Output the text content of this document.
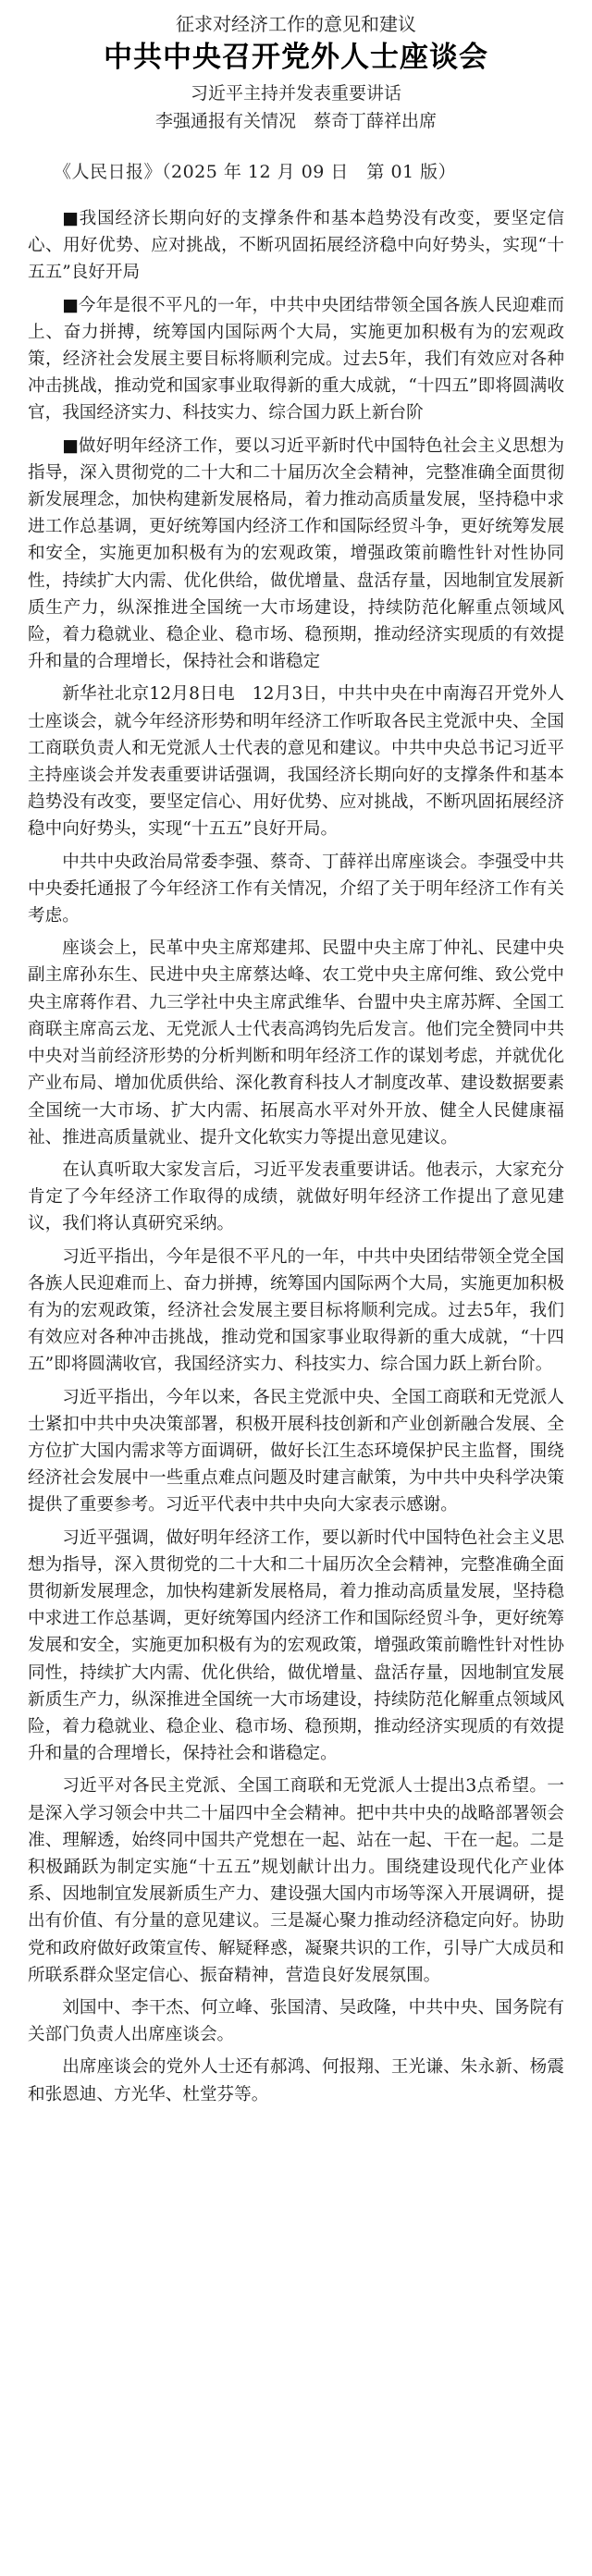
征求对经济工作的意见和建议

中共中央召开党外人士座谈会

习近平主持并发表重要讲话

李强通报有关情况　蔡奇丁薛祥出席

《人民日报》（2025 年 12 月 09 日　第 01 版）

■我国经济长期向好的支撑条件和基本趋势没有改变，要坚定信心、用好优势、应对挑战，不断巩固拓展经济稳中向好势头，实现“十五五”良好开局

■今年是很不平凡的一年，中共中央团结带领全国各族人民迎难而上、奋力拼搏，统筹国内国际两个大局，实施更加积极有为的宏观政策，经济社会发展主要目标将顺利完成。过去5年，我们有效应对各种冲击挑战，推动党和国家事业取得新的重大成就，“十四五”即将圆满收官，我国经济实力、科技实力、综合国力跃上新台阶

■做好明年经济工作，要以习近平新时代中国特色社会主义思想为指导，深入贯彻党的二十大和二十届历次全会精神，完整准确全面贯彻新发展理念，加快构建新发展格局，着力推动高质量发展，坚持稳中求进工作总基调，更好统筹国内经济工作和国际经贸斗争，更好统筹发展和安全，实施更加积极有为的宏观政策，增强政策前瞻性针对性协同性，持续扩大内需、优化供给，做优增量、盘活存量，因地制宜发展新质生产力，纵深推进全国统一大市场建设，持续防范化解重点领域风险，着力稳就业、稳企业、稳市场、稳预期，推动经济实现质的有效提升和量的合理增长，保持社会和谐稳定

新华社北京12月8日电　12月3日，中共中央在中南海召开党外人士座谈会，就今年经济形势和明年经济工作听取各民主党派中央、全国工商联负责人和无党派人士代表的意见和建议。中共中央总书记习近平主持座谈会并发表重要讲话强调，我国经济长期向好的支撑条件和基本趋势没有改变，要坚定信心、用好优势、应对挑战，不断巩固拓展经济稳中向好势头，实现“十五五”良好开局。

中共中央政治局常委李强、蔡奇、丁薛祥出席座谈会。李强受中共中央委托通报了今年经济工作有关情况，介绍了关于明年经济工作有关考虑。

座谈会上，民革中央主席郑建邦、民盟中央主席丁仲礼、民建中央副主席孙东生、民进中央主席蔡达峰、农工党中央主席何维、致公党中央主席蒋作君、九三学社中央主席武维华、台盟中央主席苏辉、全国工商联主席高云龙、无党派人士代表高鸿钧先后发言。他们完全赞同中共中央对当前经济形势的分析判断和明年经济工作的谋划考虑，并就优化产业布局、增加优质供给、深化教育科技人才制度改革、建设数据要素全国统一大市场、扩大内需、拓展高水平对外开放、健全人民健康福祉、推进高质量就业、提升文化软实力等提出意见建议。

在认真听取大家发言后，习近平发表重要讲话。他表示，大家充分肯定了今年经济工作取得的成绩，就做好明年经济工作提出了意见建议，我们将认真研究采纳。

习近平指出，今年是很不平凡的一年，中共中央团结带领全党全国各族人民迎难而上、奋力拼搏，统筹国内国际两个大局，实施更加积极有为的宏观政策，经济社会发展主要目标将顺利完成。过去5年，我们有效应对各种冲击挑战，推动党和国家事业取得新的重大成就，“十四五”即将圆满收官，我国经济实力、科技实力、综合国力跃上新台阶。

习近平指出，今年以来，各民主党派中央、全国工商联和无党派人士紧扣中共中央决策部署，积极开展科技创新和产业创新融合发展、全方位扩大国内需求等方面调研，做好长江生态环境保护民主监督，围绕经济社会发展中一些重点难点问题及时建言献策，为中共中央科学决策提供了重要参考。习近平代表中共中央向大家表示感谢。

习近平强调，做好明年经济工作，要以新时代中国特色社会主义思想为指导，深入贯彻党的二十大和二十届历次全会精神，完整准确全面贯彻新发展理念，加快构建新发展格局，着力推动高质量发展，坚持稳中求进工作总基调，更好统筹国内经济工作和国际经贸斗争，更好统筹发展和安全，实施更加积极有为的宏观政策，增强政策前瞻性针对性协同性，持续扩大内需、优化供给，做优增量、盘活存量，因地制宜发展新质生产力，纵深推进全国统一大市场建设，持续防范化解重点领域风险，着力稳就业、稳企业、稳市场、稳预期，推动经济实现质的有效提升和量的合理增长，保持社会和谐稳定。

习近平对各民主党派、全国工商联和无党派人士提出3点希望。一是深入学习领会中共二十届四中全会精神。把中共中央的战略部署领会准、理解透，始终同中国共产党想在一起、站在一起、干在一起。二是积极踊跃为制定实施“十五五”规划献计出力。围绕建设现代化产业体系、因地制宜发展新质生产力、建设强大国内市场等深入开展调研，提出有价值、有分量的意见建议。三是凝心聚力推动经济稳定向好。协助党和政府做好政策宣传、解疑释惑，凝聚共识的工作，引导广大成员和所联系群众坚定信心、振奋精神，营造良好发展氛围。

刘国中、李干杰、何立峰、张国清、吴政隆，中共中央、国务院有关部门负责人出席座谈会。

出席座谈会的党外人士还有郝鸿、何报翔、王光谦、朱永新、杨震和张恩迪、方光华、杜堂芬等。
